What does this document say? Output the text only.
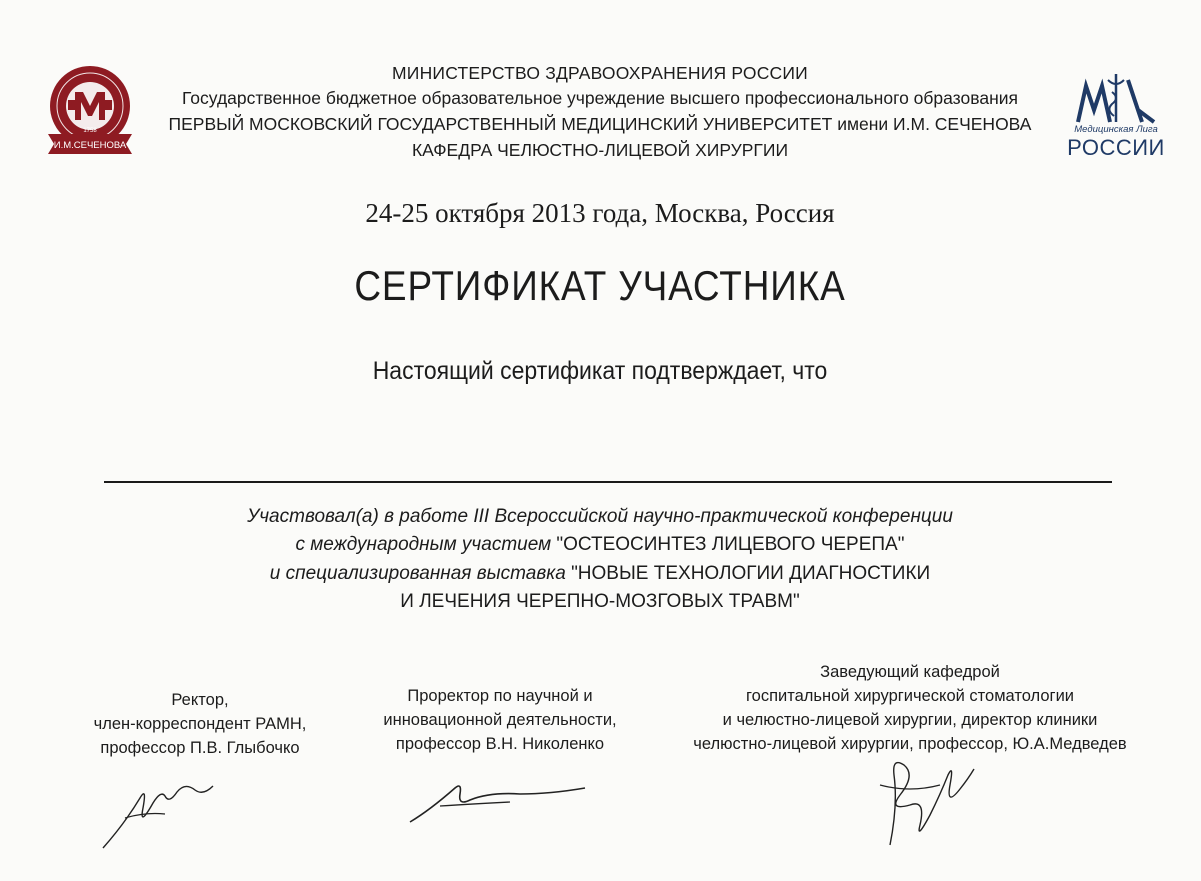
1758
И.М.СЕЧЕНОВА
МИНИСТЕРСТВО ЗДРАВООХРАНЕНИЯ РОССИИ
Государственное бюджетное образовательное учреждение высшего профессионального образования
ПЕРВЫЙ МОСКОВСКИЙ ГОСУДАРСТВЕННЫЙ МЕДИЦИНСКИЙ УНИВЕРСИТЕТ имени И.М. СЕЧЕНОВА
КАФЕДРА ЧЕЛЮСТНО-ЛИЦЕВОЙ ХИРУРГИИ
Медицинская Лига
РОССИИ
24-25 октября 2013 года, Москва, Россия
СЕРТИФИКАТ УЧАСТНИКА
Настоящий сертификат подтверждает, что
Участвовал(а) в работе III Всероссийской научно-практической конференции
с международным участием "ОСТЕОСИНТЕЗ ЛИЦЕВОГО ЧЕРЕПА"
и специализированная выставка "НОВЫЕ ТЕХНОЛОГИИ ДИАГНОСТИКИ
И ЛЕЧЕНИЯ ЧЕРЕПНО-МОЗГОВЫХ ТРАВМ"
Ректор,
член-корреспондент РАМН,
профессор П.В. Глыбочко
Проректор по научной и
инновационной деятельности,
профессор В.Н. Николенко
Заведующий кафедрой
госпитальной хирургической стоматологии
и челюстно-лицевой хирургии, директор клиники
челюстно-лицевой хирургии, профессор, Ю.А.Медведев
